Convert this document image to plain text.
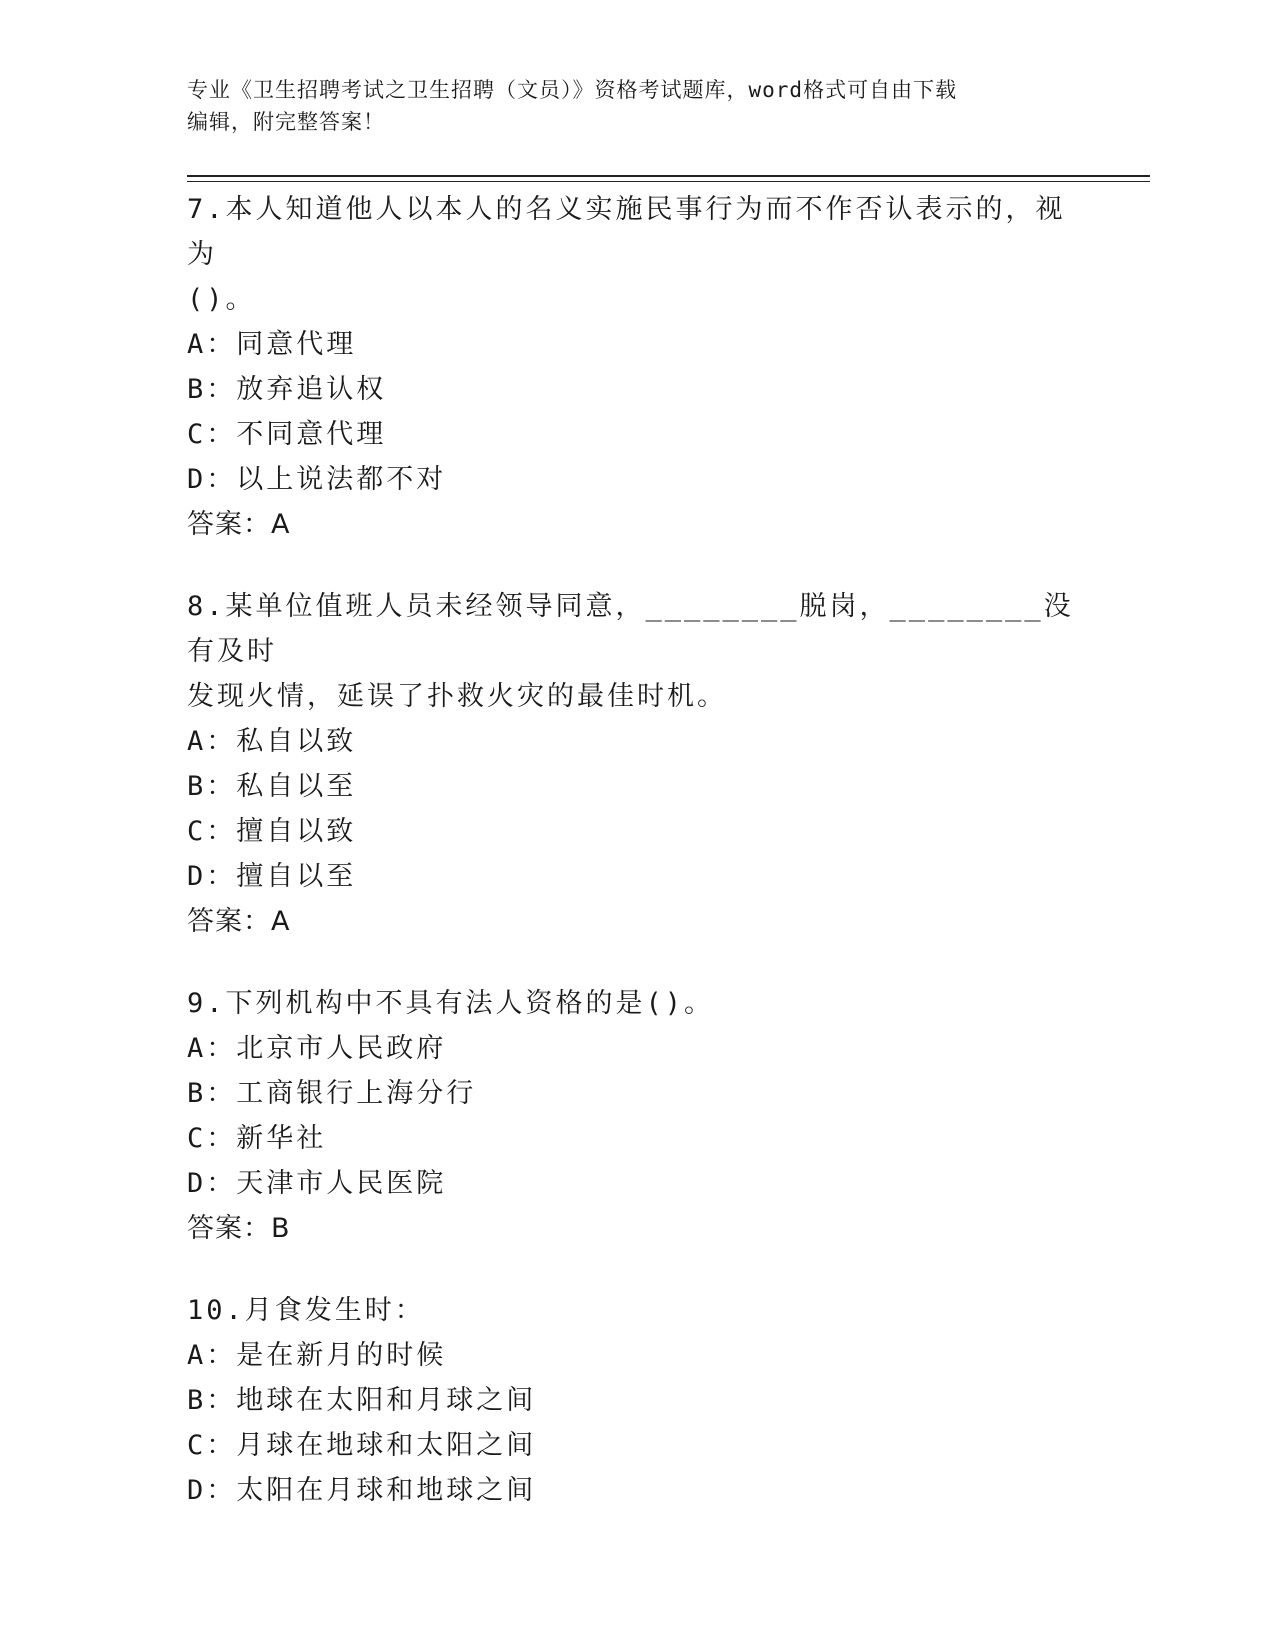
专业《卫生招聘考试之卫生招聘（文员）》资格考试题库，word格式可自由下载
编辑，附完整答案！
7.本人知道他人以本人的名义实施民事行为而不作否认表示的，视为
()。
A：同意代理
B：放弃追认权
C：不同意代理
D：以上说法都不对
答案：A
8.某单位值班人员未经领导同意，________脱岗，________没有及时
发现火情，延误了扑救火灾的最佳时机。
A：私自以致
B：私自以至
C：擅自以致
D：擅自以至
答案：A
9.下列机构中不具有法人资格的是()。
A：北京市人民政府
B：工商银行上海分行
C：新华社
D：天津市人民医院
答案：B
10.月食发生时：
A：是在新月的时候
B：地球在太阳和月球之间
C：月球在地球和太阳之间
D：太阳在月球和地球之间
